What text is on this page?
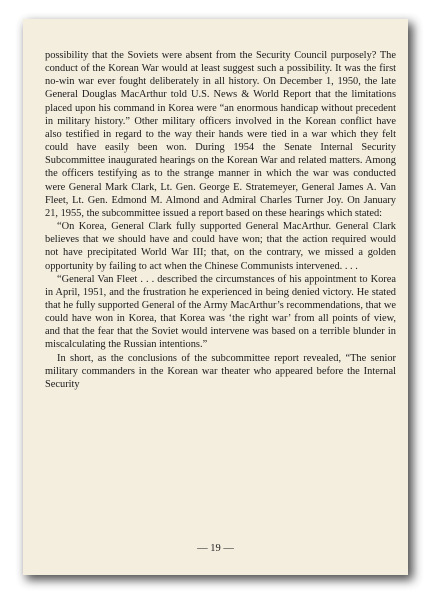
possibility that the Soviets were absent from the Security Council purposely? The conduct of the Korean War would at least suggest such a possibility. It was the first no-win war ever fought deliberately in all history. On December 1, 1950, the late General Douglas MacArthur told U.S. News & World Report that the limitations placed upon his command in Korea were “an enormous handicap without precedent in military history.” Other military officers involved in the Korean conflict have also testified in regard to the way their hands were tied in a war which they felt could have easily been won. During 1954 the Senate Internal Security Subcommittee inaugurated hearings on the Korean War and related matters. Among the officers testifying as to the strange manner in which the war was conducted were General Mark Clark, Lt. Gen. George E. Stratemeyer, General James A. Van Fleet, Lt. Gen. Edmond M. Almond and Admiral Charles Turner Joy. On January 21, 1955, the subcommittee issued a report based on these hearings which stated:

“On Korea, General Clark fully supported General MacArthur. General Clark believes that we should have and could have won; that the action required would not have precipitated World War III; that, on the contrary, we missed a golden opportunity by failing to act when the Chinese Communists intervened. . . .

“General Van Fleet . . . described the circumstances of his appointment to Korea in April, 1951, and the frustration he experienced in being denied victory. He stated that he fully supported General of the Army MacArthur’s recommendations, that we could have won in Korea, that Korea was ‘the right war’ from all points of view, and that the fear that the Soviet would intervene was based on a terrible blunder in miscalculating the Russian intentions.”

In short, as the conclusions of the subcommittee report revealed, “The senior military commanders in the Korean war theater who appeared before the Internal Security

— 19 —
